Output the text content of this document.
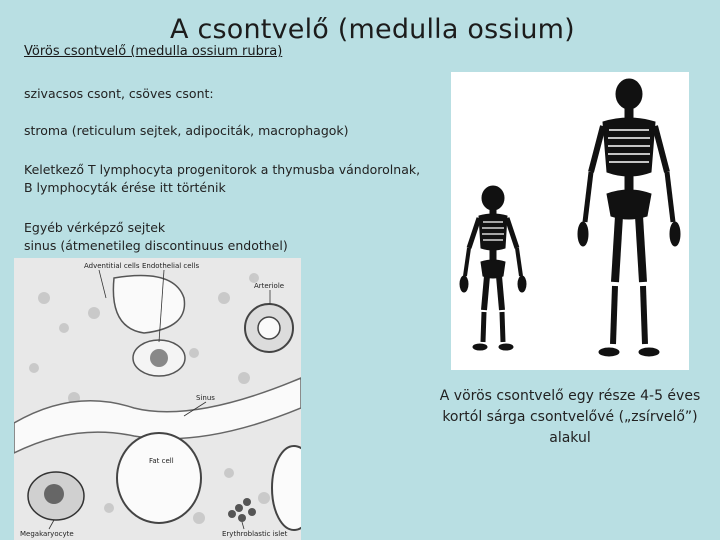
A csontvelő (medulla ossium)
Vörös csontvelő (medulla ossium rubra)
szivacsos csont, csöves csont:
stroma (reticulum sejtek, adipociták, macrophagok)
Keletkező T lymphocyta progenitorok a thymusba vándorolnak,
B lymphocyták érése itt történik
Egyéb vérképző sejtek
sinus (átmenetileg discontinuus endothel)
Adventitial cells Endothelial cells
Arteriole
Sinus
Fat cell
Megakaryocyte	Erythroblastic islet
A vörös csontvelő egy része 4-5 éves
kortól sárga csontvelővé („zsírvelő”)
alakul
